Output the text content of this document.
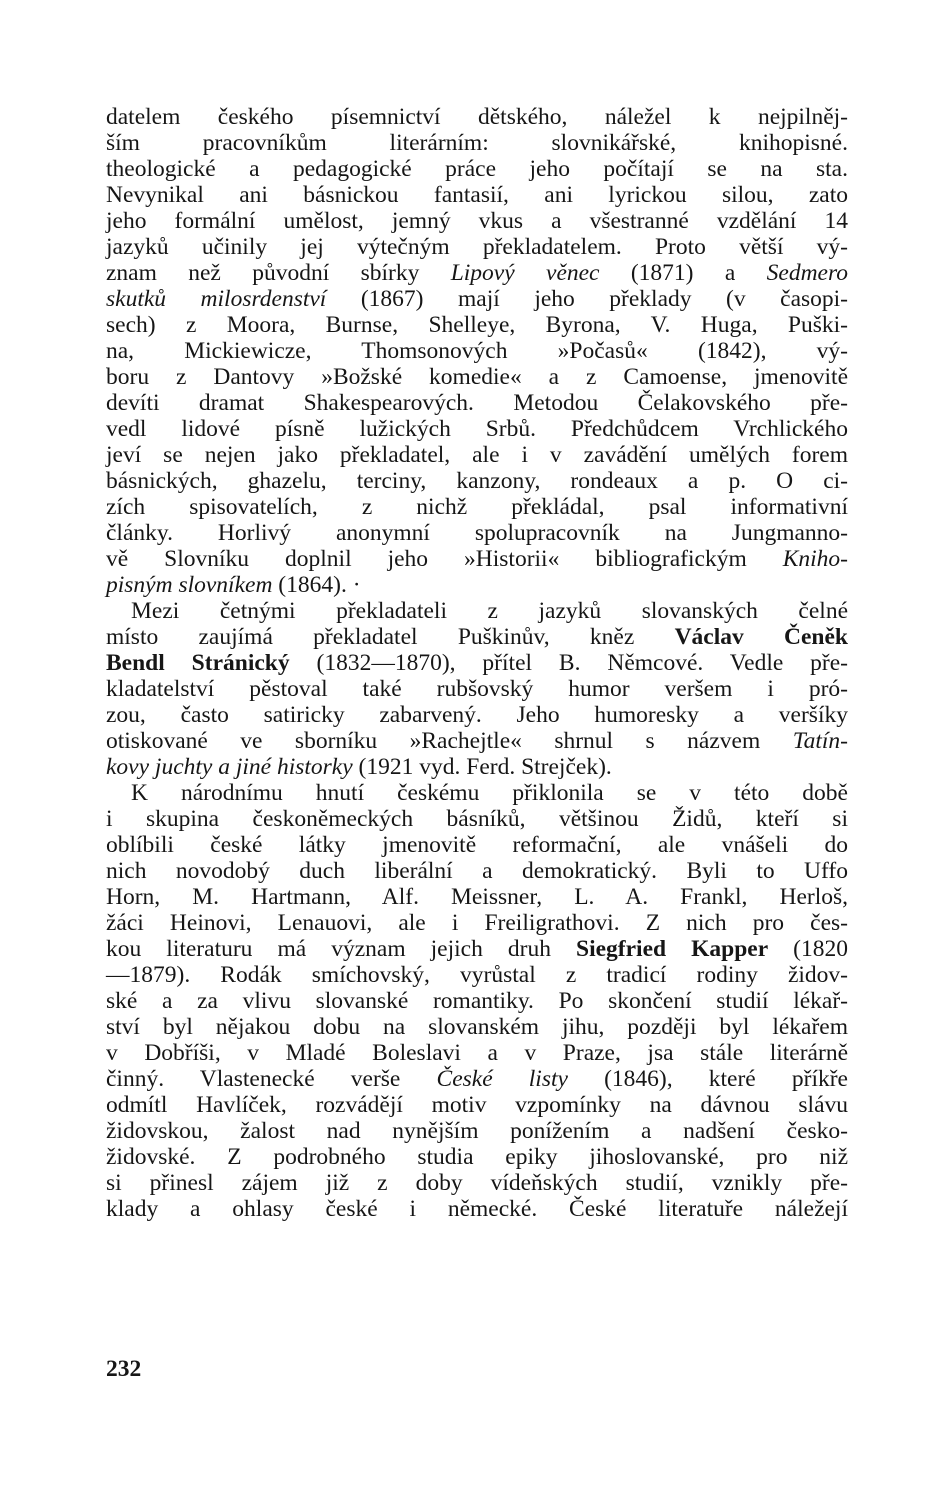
datelem českého písemnictví dětského, náležel k nejpilněj-
ším pracovníkům literárním: slovnikářské, knihopisné.
theologické a pedagogické práce jeho počítají se na sta.
Nevynikal ani básnickou fantasií, ani lyrickou silou, zato
jeho formální umělost, jemný vkus a všestranné vzdělání 14
jazyků učinily jej výtečným překladatelem. Proto větší vý-
znam než původní sbírky Lipový věnec (1871) a Sedmero
skutků milosrdenství (1867) mají jeho překlady (v časopi-
sech) z Moora, Burnse, Shelleye, Byrona, V. Huga, Puški-
na, Mickiewicze, Thomsonových »Počasů« (1842), vý-
boru z Dantovy »Božské komedie« a z Camoense, jmenovitě
devíti dramat Shakespearových. Metodou Čelakovského pře-
vedl lidové písně lužických Srbů. Předchůdcem Vrchlického
jeví se nejen jako překladatel, ale i v zavádění umělých forem
básnických, ghazelu, terciny, kanzony, rondeaux a p. O ci-
zích spisovatelích, z nichž překládal, psal informativní
články. Horlivý anonymní spolupracovník na Jungmanno-
vě Slovníku doplnil jeho »Historii« bibliografickým Kniho-
pisným slovníkem (1864). ·
Mezi četnými překladateli z jazyků slovanských čelné
místo zaujímá překladatel Puškinův, kněz Václav Čeněk
Bendl Stránický (1832—1870), přítel B. Němcové. Vedle pře-
kladatelství pěstoval také rubšovský humor veršem i pró-
zou, často satiricky zabarvený. Jeho humoresky a veršíky
otiskované ve sborníku »Rachejtle« shrnul s názvem Tatín-
kovy juchty a jiné historky (1921 vyd. Ferd. Strejček).
K národnímu hnutí českému přiklonila se v této době
i skupina českoněmeckých básníků, většinou Židů, kteří si
oblíbili české látky jmenovitě reformační, ale vnášeli do
nich novodobý duch liberální a demokratický. Byli to Uffo
Horn, M. Hartmann, Alf. Meissner, L. A. Frankl, Herloš,
žáci Heinovi, Lenauovi, ale i Freiligrathovi. Z nich pro čes-
kou literaturu má význam jejich druh Siegfried Kapper (1820
—1879). Rodák smíchovský, vyrůstal z tradicí rodiny židov-
ské a za vlivu slovanské romantiky. Po skončení studií lékař-
ství byl nějakou dobu na slovanském jihu, později byl lékařem
v Dobříši, v Mladé Boleslavi a v Praze, jsa stále literárně
činný. Vlastenecké verše České listy (1846), které příkře
odmítl Havlíček, rozvádějí motiv vzpomínky na dávnou slávu
židovskou, žalost nad nynějším ponížením a nadšení česko-
židovské. Z podrobného studia epiky jihoslovanské, pro niž
si přinesl zájem již z doby vídeňských studií, vznikly pře-
klady a ohlasy české i německé. České literatuře náležejí
232
